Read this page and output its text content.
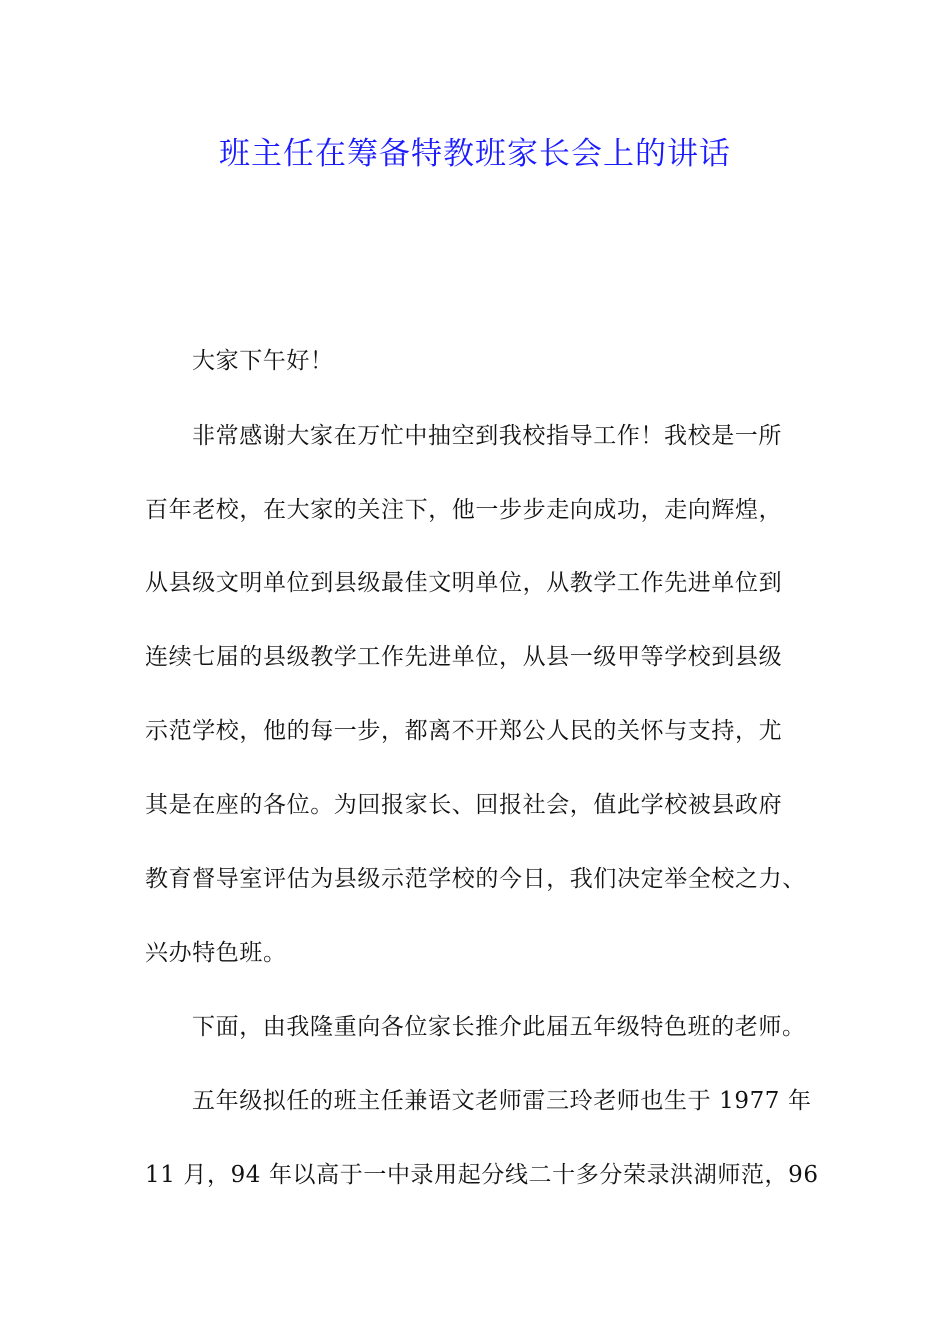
班主任在筹备特教班家长会上的讲话
大家下午好！
非常感谢大家在万忙中抽空到我校指导工作！我校是一所
百年老校，在大家的关注下，他一步步走向成功，走向辉煌，
从县级文明单位到县级最佳文明单位，从教学工作先进单位到
连续七届的县级教学工作先进单位，从县一级甲等学校到县级
示范学校，他的每一步，都离不开郑公人民的关怀与支持，尤
其是在座的各位。为回报家长、回报社会，值此学校被县政府
教育督导室评估为县级示范学校的今日，我们决定举全校之力、
兴办特色班。
下面，由我隆重向各位家长推介此届五年级特色班的老师。
五年级拟任的班主任兼语文老师雷三玲老师也生于 1977 年
11 月，94 年以高于一中录用起分线二十多分荣录洪湖师范，96
